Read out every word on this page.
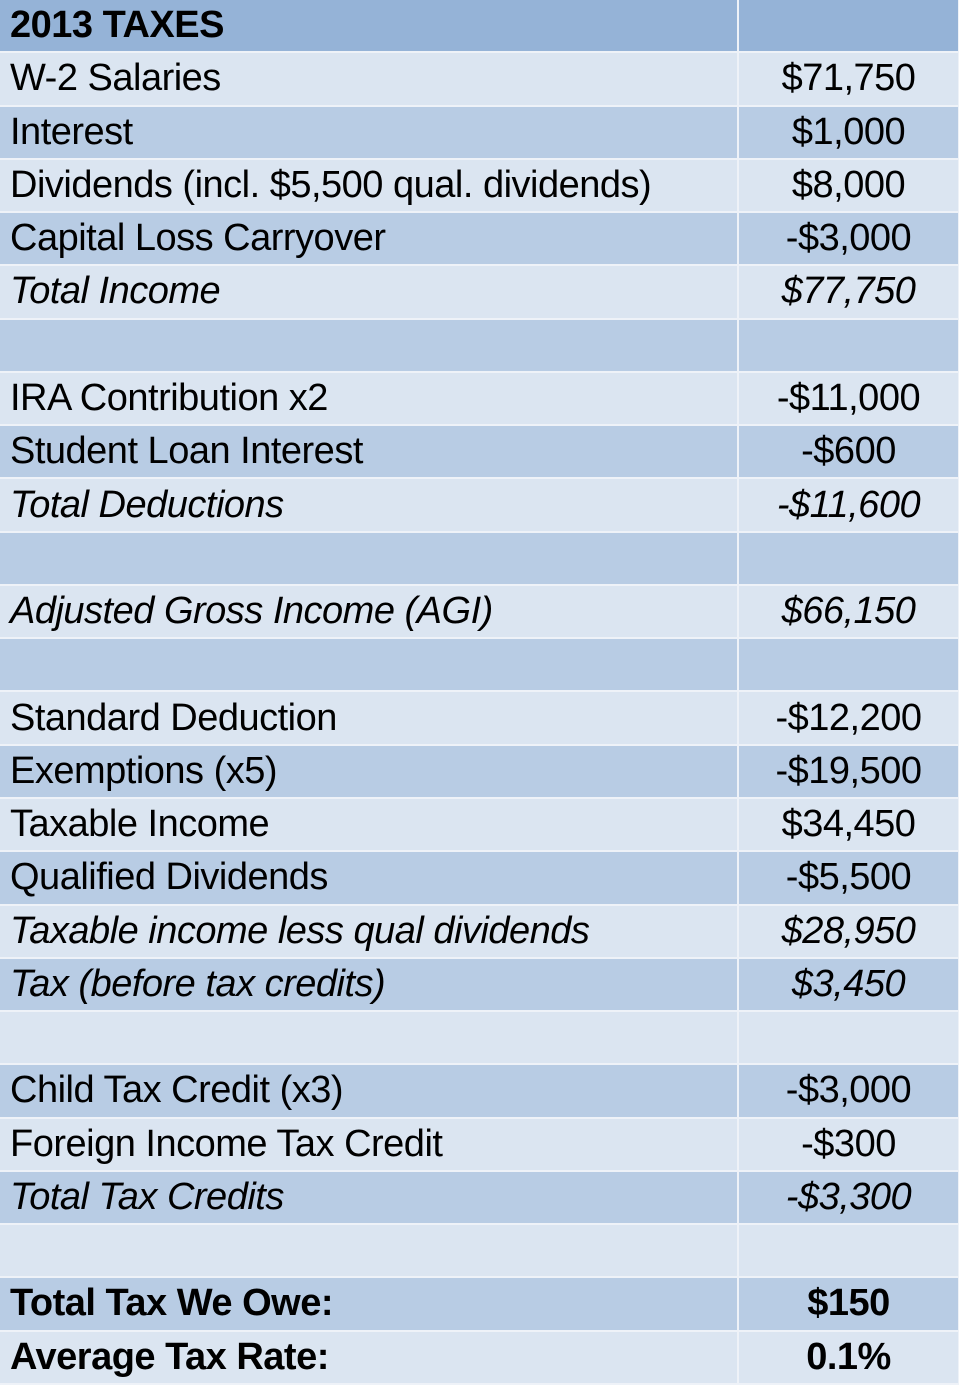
2013 TAXES	
W-2 Salaries	$71,750
Interest	$1,000
Dividends (incl. $5,500 qual. dividends)	$8,000
Capital Loss Carryover	-$3,000
Total Income	$77,750

IRA Contribution x2	-$11,000
Student Loan Interest	-$600
Total Deductions	-$11,600

Adjusted Gross Income (AGI)	$66,150

Standard Deduction	-$12,200
Exemptions (x5)	-$19,500
Taxable Income	$34,450
Qualified Dividends	-$5,500
Taxable income less qual dividends	$28,950
Tax (before tax credits)	$3,450

Child Tax Credit (x3)	-$3,000
Foreign Income Tax Credit	-$300
Total Tax Credits	-$3,300

Total Tax We Owe:	$150
Average Tax Rate:	0.1%
